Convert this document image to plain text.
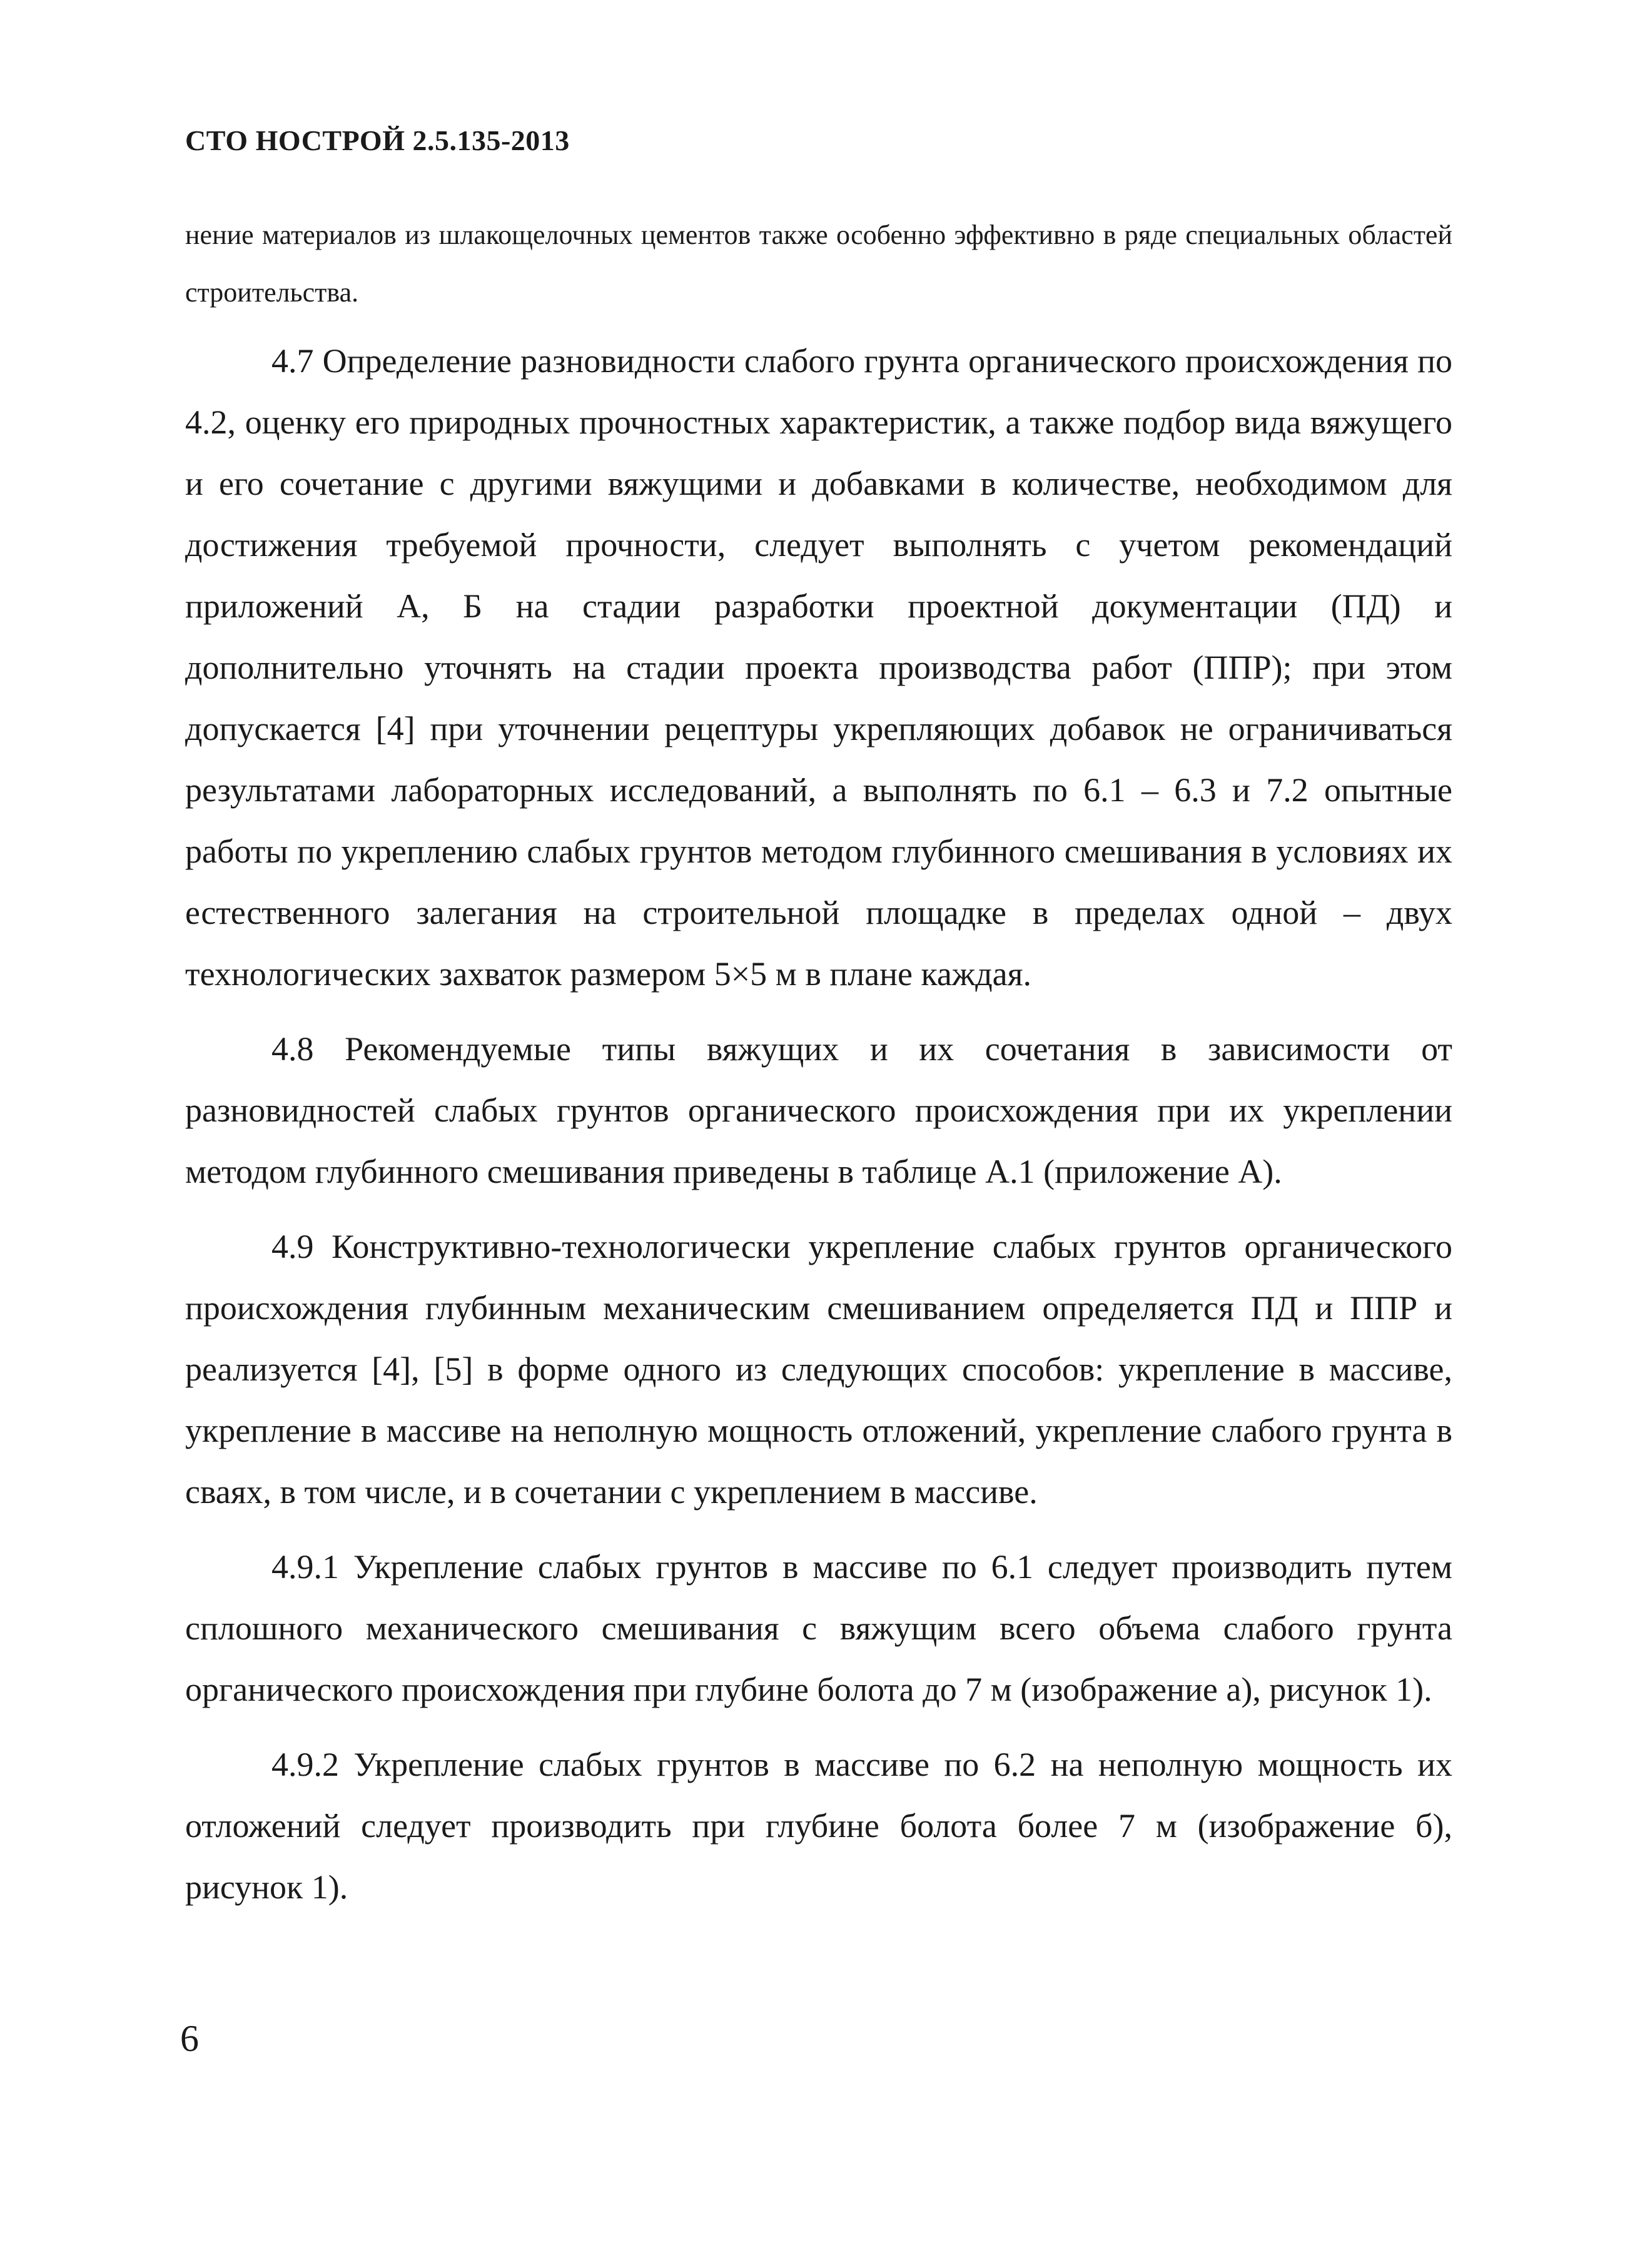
СТО НОСТРОЙ 2.5.135-2013

нение материалов из шлакощелочных цементов также особенно эффективно в ряде специальных областей строительства.

4.7 Определение разновидности слабого грунта органического происхождения по 4.2, оценку его природных прочностных характеристик, а также подбор вида вяжущего и его сочетание с другими вяжущими и добавками в количестве, необходимом для достижения требуемой прочности, следует выполнять с учетом рекомендаций приложений А, Б на стадии разработки проектной документации (ПД) и дополнительно уточнять на стадии проекта производства работ (ППР); при этом допускается [4] при уточнении рецептуры укрепляющих добавок не ограничиваться результатами лабораторных исследований, а выполнять по 6.1 – 6.3 и 7.2 опытные работы по укреплению слабых грунтов методом глубинного смешивания в условиях их естественного залегания на строительной площадке в пределах одной – двух технологических захваток размером 5×5 м в плане каждая.

4.8 Рекомендуемые типы вяжущих и их сочетания в зависимости от разновидностей слабых грунтов органического происхождения при их укреплении методом глубинного смешивания приведены в таблице А.1 (приложение А).

4.9 Конструктивно-технологически укрепление слабых грунтов органического происхождения глубинным механическим смешиванием определяется ПД и ППР и реализуется [4], [5] в форме одного из следующих способов: укрепление в массиве, укрепление в массиве на неполную мощность отложений, укрепление слабого грунта в сваях, в том числе, и в сочетании с укреплением в массиве.

4.9.1 Укрепление слабых грунтов в массиве по 6.1 следует производить путем сплошного механического смешивания с вяжущим всего объема слабого грунта органического происхождения при глубине болота до 7 м (изображение а), рисунок 1).

4.9.2 Укрепление слабых грунтов в массиве по 6.2 на неполную мощность их отложений следует производить при глубине болота более 7 м (изображение б), рисунок 1).

6
